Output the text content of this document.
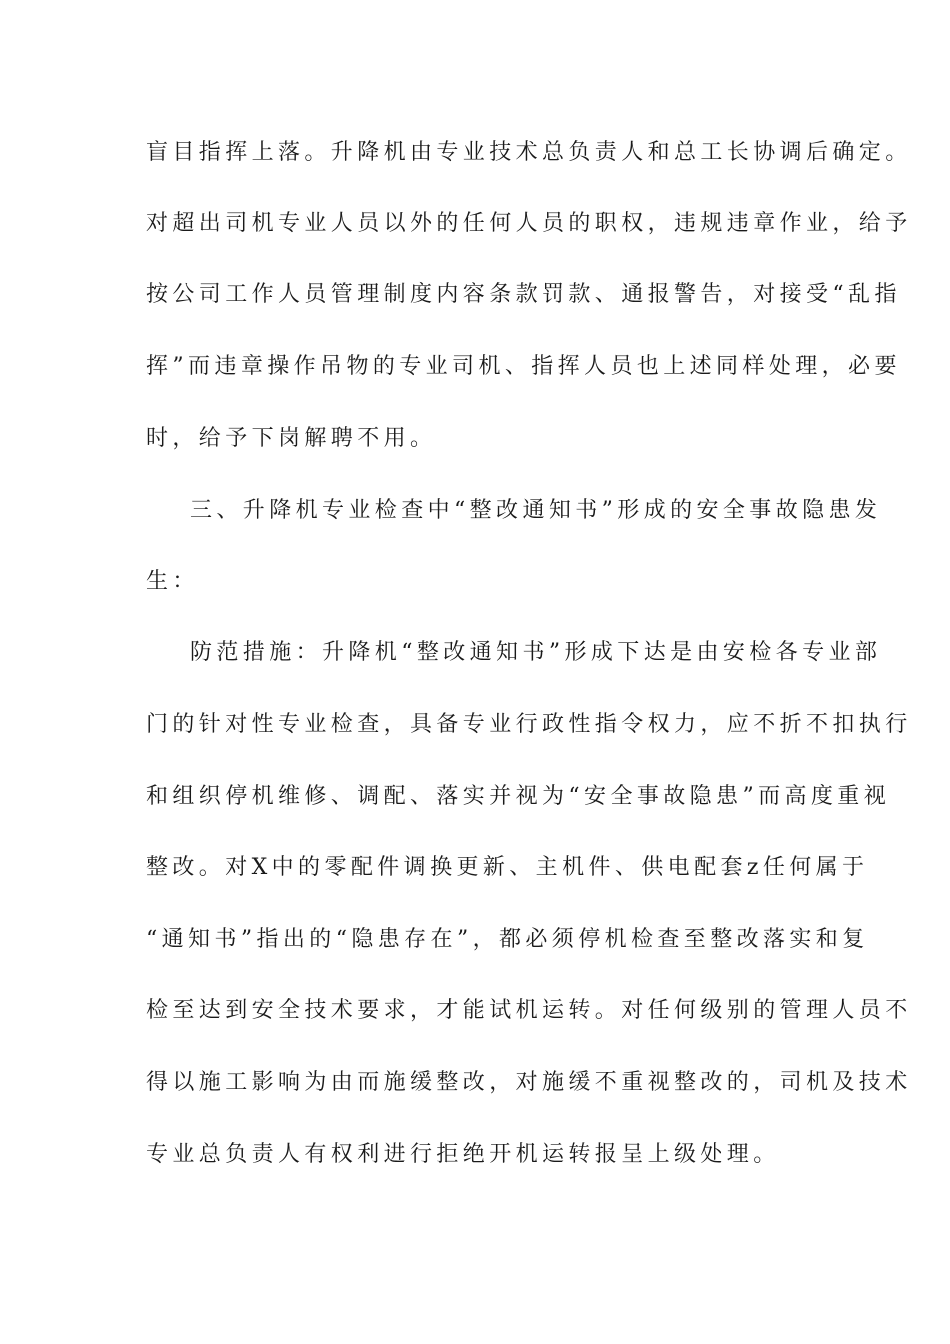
盲目指挥上落。升降机由专业技术总负责人和总工长协调后确定。
对超出司机专业人员以外的任何人员的职权，违规违章作业，给予
按公司工作人员管理制度内容条款罚款、通报警告，对接受“乱指
挥”而违章操作吊物的专业司机、指挥人员也上述同样处理，必要
时，给予下岗解聘不用。
三、升降机专业检查中“整改通知书”形成的安全事故隐患发
生：
防范措施：升降机“整改通知书”形成下达是由安检各专业部
门的针对性专业检查，具备专业行政性指令权力，应不折不扣执行
和组织停机维修、调配、落实并视为“安全事故隐患”而高度重视
整改。对X中的零配件调换更新、主机件、供电配套z任何属于
“通知书”指出的“隐患存在”，都必须停机检查至整改落实和复
检至达到安全技术要求，才能试机运转。对任何级别的管理人员不
得以施工影响为由而施缓整改，对施缓不重视整改的，司机及技术
专业总负责人有权利进行拒绝开机运转报呈上级处理。
